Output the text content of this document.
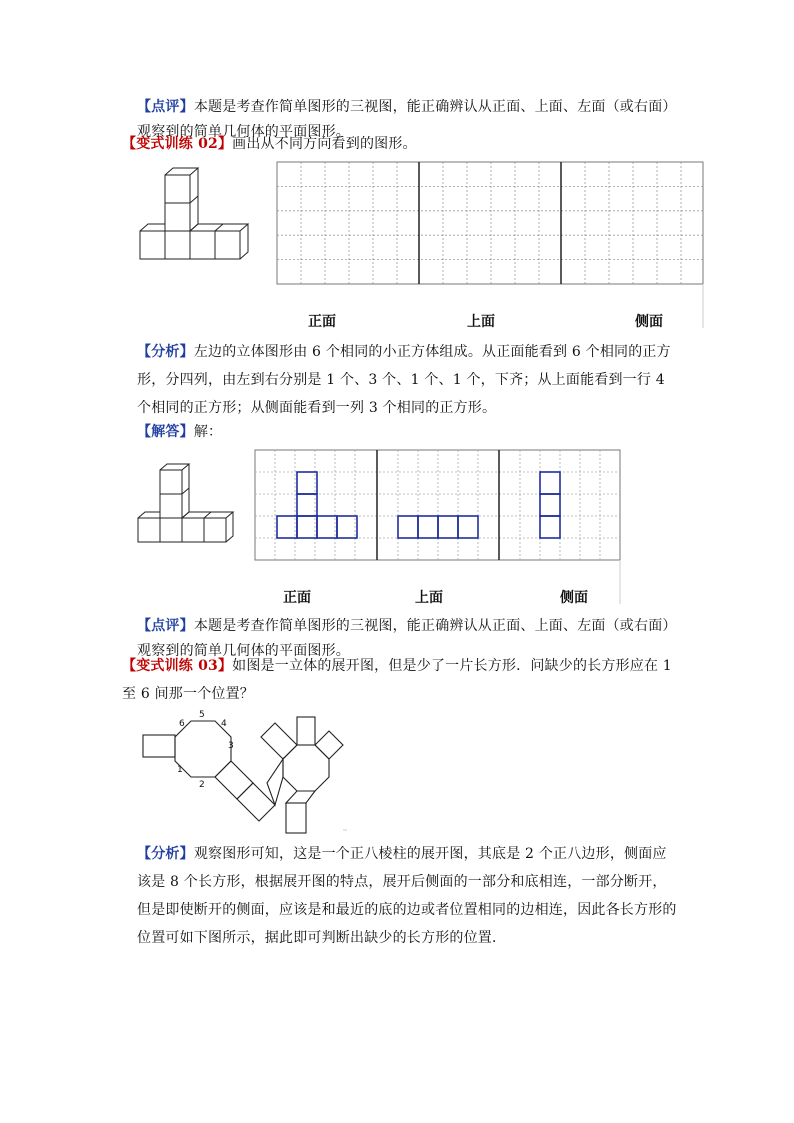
【点评】本题是考查作简单图形的三视图，能正确辨认从正面、上面、左面（或右面）观察到的简单几何体的平面图形。
【变式训练 02】画出从不同方向看到的图形。
正面	上面	侧面
【分析】左边的立体图形由 6 个相同的小正方体组成。从正面能看到 6 个相同的正方形，分四列，由左到右分别是 1 个、3 个、1 个、1 个，下齐；从上面能看到一行 4 个相同的正方形；从侧面能看到一列 3 个相同的正方形。
【解答】解：
正面	上面	侧面
【点评】本题是考查作简单图形的三视图，能正确辨认从正面、上面、左面（或右面）观察到的简单几何体的平面图形。
【变式训练 03】如图是一立体的展开图，但是少了一片长方形．问缺少的长方形应在 1 至 6 间那一个位置？
6
5
4
3
2
1
【分析】观察图形可知，这是一个正八棱柱的展开图，其底是 2 个正八边形，侧面应该是 8 个长方形，根据展开图的特点，展开后侧面的一部分和底相连，一部分断开，但是即使断开的侧面，应该是和最近的底的边或者位置相同的边相连，因此各长方形的位置可如下图所示，据此即可判断出缺少的长方形的位置．
